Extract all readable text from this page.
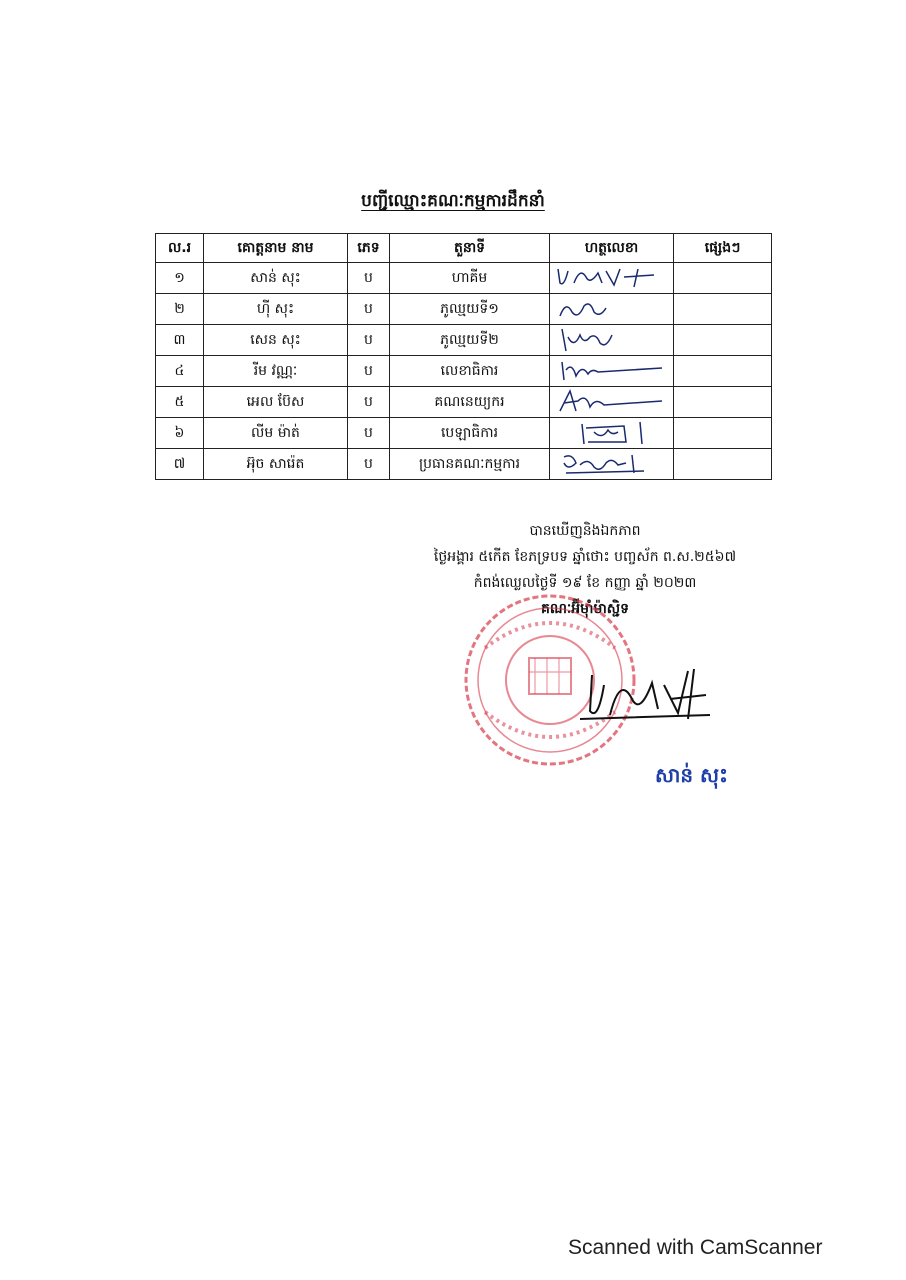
បញ្ជីឈ្មោះគណៈកម្មការដឹកនាំ
ល.រ	គោត្តនាម នាម	ភេទ	តួនាទី	ហត្ថលេខា	ផ្សេងៗ
១	សាន់ សុះ	ប	ហាគីម	

២	ហ៊ី សុះ	ប	ភូឈ្មយទី១	

៣	សេន សុះ	ប	ភូឈ្មយទី២	

៤	រីម វណ្ណៈ	ប	លេខាធិការ	

៥	អេល ប៊ែស	ប	គណនេយ្យករ	

៦	លីម ម៉ាត់	ប	បេឡាធិការ	

៧	អ៊ុច សារ៉េត	ប	ប្រធានគណៈកម្មការ	

បានឃើញនិងឯកភាព
ថ្ងៃអង្គារ ៥កើត ខែភទ្របទ ឆ្នាំថោះ បញ្ចស័ក ព.ស.២៥៦៧
កំពង់ឈ្លេលថ្ងៃទី ១៩ ខែ កញ្ញា ឆ្នាំ ២០២៣
គណៈអ៊ីម៉ាំម៉ាស្ជិទ
សាន់ សុះ
Scanned with CamScanner
